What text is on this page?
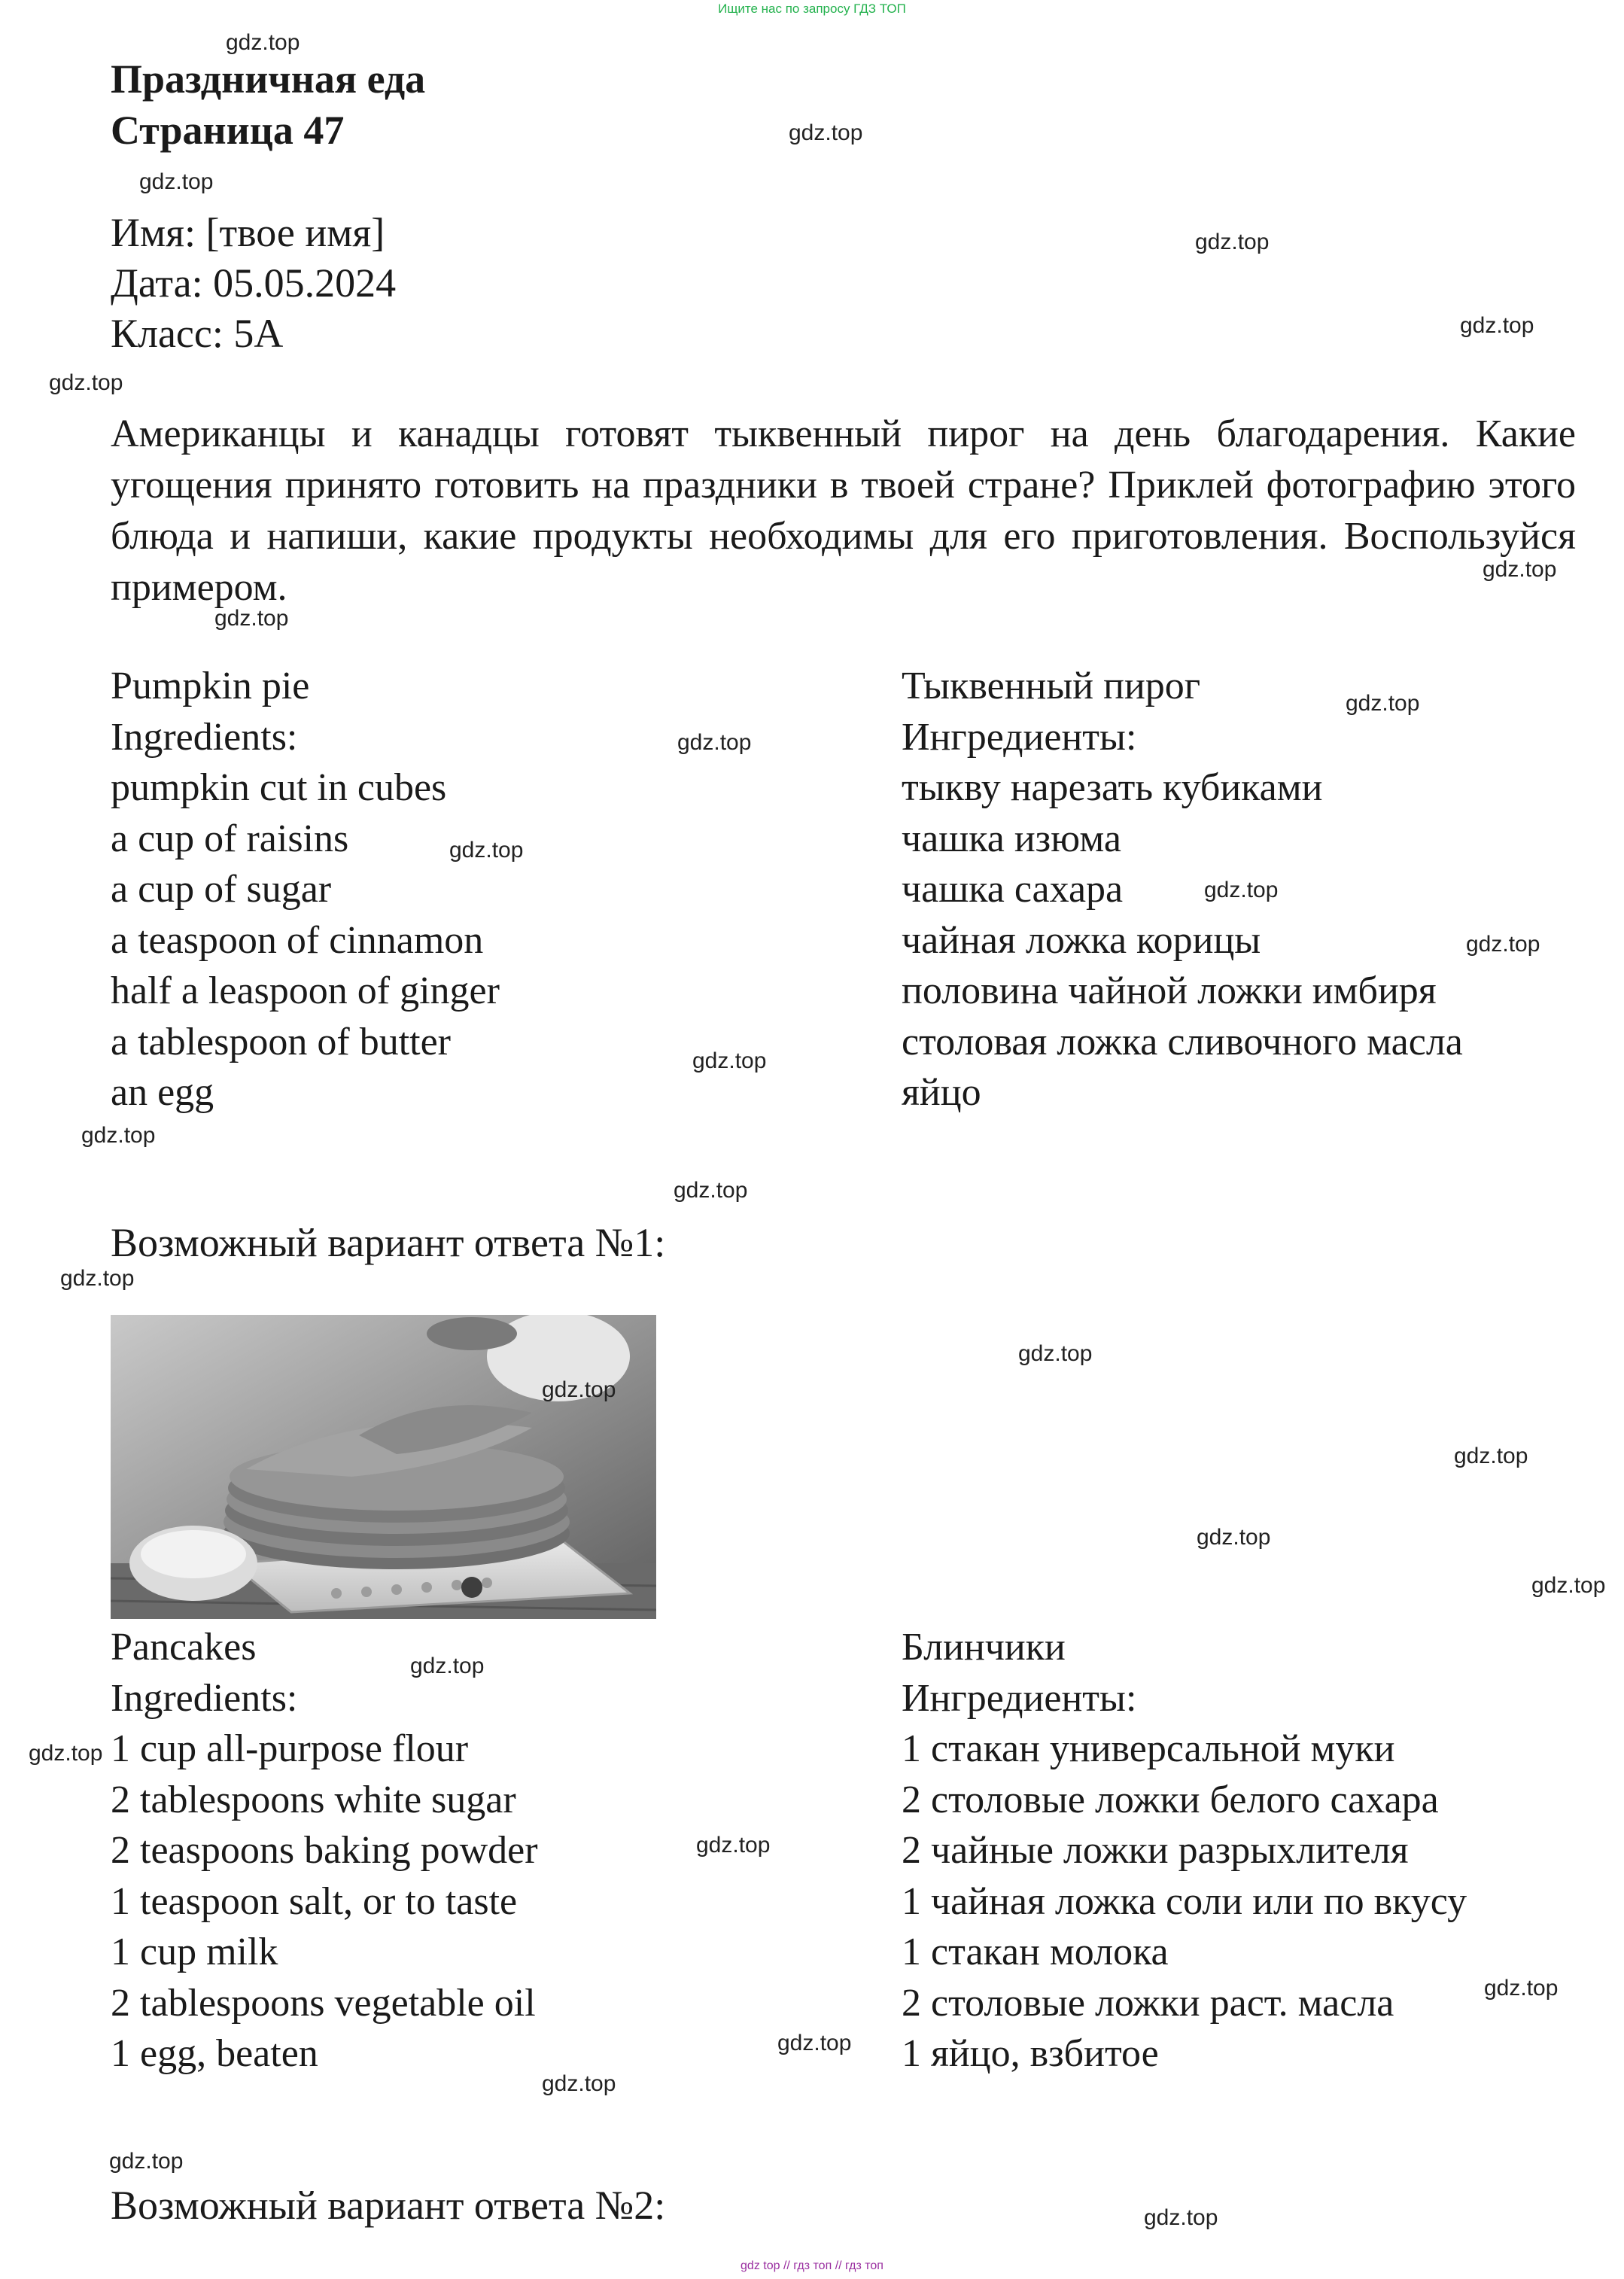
Ищите нас по запросу ГДЗ ТОП
Праздничная еда
Страница 47
Имя: [твое имя]
Дата: 05.05.2024
Класс: 5А
Американцы и канадцы готовят тыквенный пирог на день благодарения. Какие угощения принято готовить на праздники в твоей стране? Приклей фотографию этого блюда и напиши, какие продукты необходимы для его приготовления. Воспользуйся примером.
Pumpkin pie
Ingredients:
pumpkin cut in cubes
a cup of raisins
a cup of sugar
a teaspoon of cinnamon
half a leaspoon of ginger
a tablespoon of butter
an egg
Тыквенный пирог
Ингредиенты:
тыкву нарезать кубиками
чашка изюма
чашка сахара
чайная ложка корицы
половина чайной ложки имбиря
столовая ложка сливочного масла
яйцо
Возможный вариант ответа №1:
Pancakes
Ingredients:
1 cup all-purpose flour
2 tablespoons white sugar
2 teaspoons baking powder
1 teaspoon salt, or to taste
1 cup milk
2 tablespoons vegetable oil
1 egg, beaten
Блинчики
Ингредиенты:
1 стакан универсальной муки
2 столовые ложки белого сахара
2 чайные ложки разрыхлителя
1 чайная ложка соли или по вкусу
1 стакан молока
2 столовые ложки раст. масла
1 яйцо, взбитое
Возможный вариант ответа №2:
gdz.top
gdz.top
gdz.top
gdz.top
gdz.top
gdz.top
gdz.top
gdz.top
gdz.top
gdz.top
gdz.top
gdz.top
gdz.top
gdz.top
gdz.top
gdz.top
gdz.top
gdz.top
gdz.top
gdz.top
gdz.top
gdz.top
gdz.top
gdz.top
gdz.top
gdz.top
gdz.top
gdz.top
gdz.top
gdz.top
gdz top // гдз топ // гдз топ
